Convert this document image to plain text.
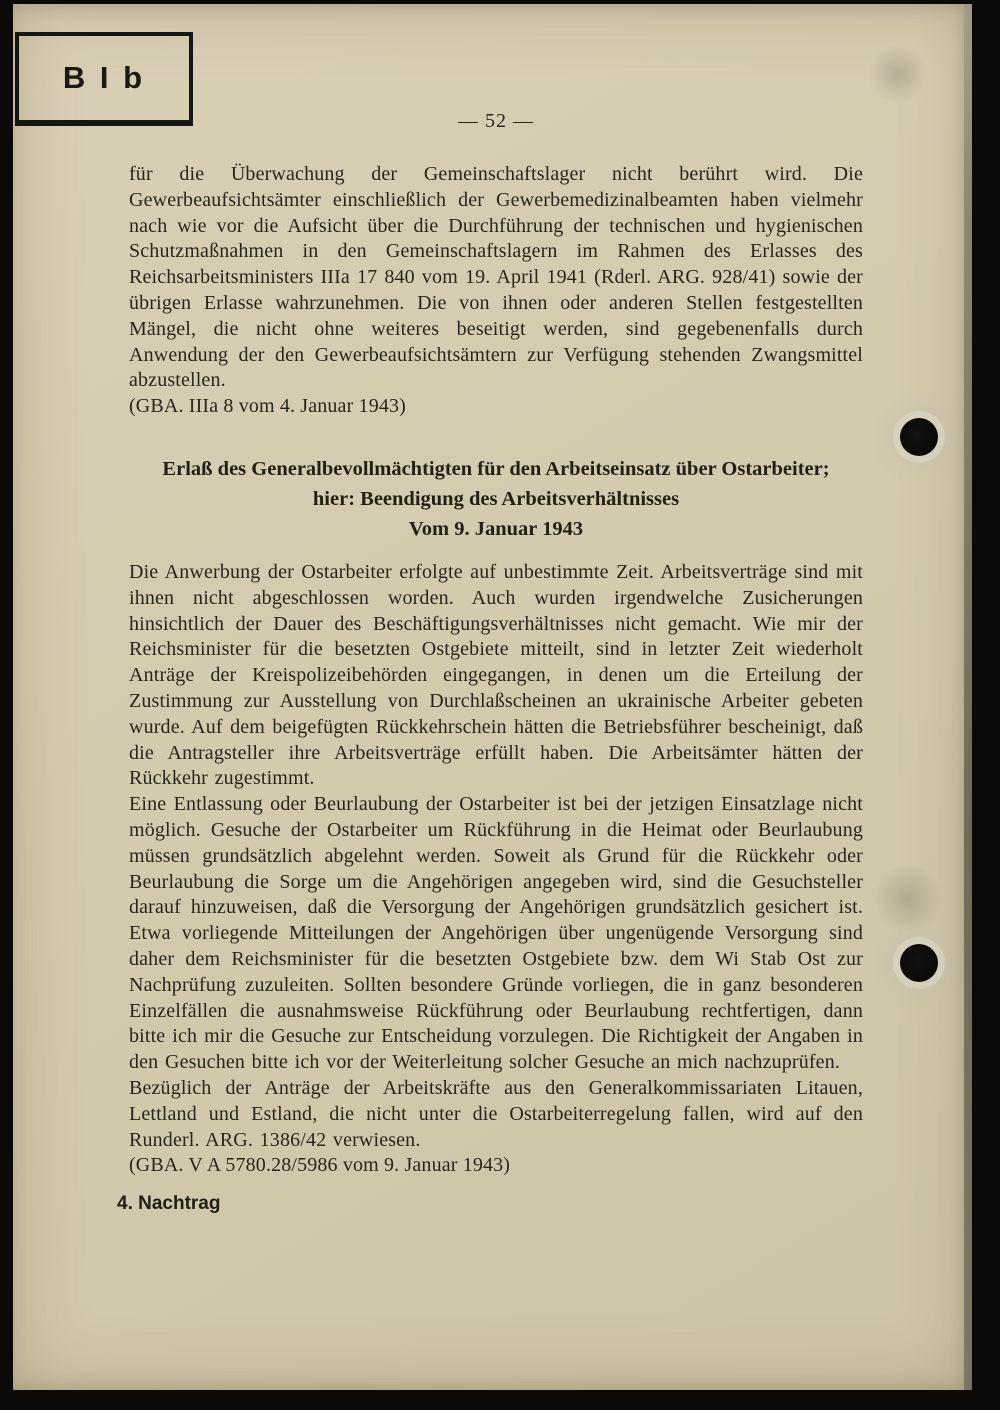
B I b
— 52 —

für die Überwachung der Gemeinschaftslager nicht berührt wird. Die Gewerbeaufsichtsämter einschließlich der Gewerbemedizinalbeamten haben vielmehr nach wie vor die Aufsicht über die Durchführung der technischen und hygienischen Schutzmaßnahmen in den Gemeinschaftslagern im Rahmen des Erlasses des Reichsarbeitsministers IIIa 17 840 vom 19. April 1941 (Rderl. ARG. 928/41) sowie der übrigen Erlasse wahrzunehmen. Die von ihnen oder anderen Stellen festgestellten Mängel, die nicht ohne weiteres beseitigt werden, sind gegebenenfalls durch Anwendung der den Gewerbeaufsichtsämtern zur Verfügung stehenden Zwangsmittel abzustellen.

(GBA. IIIa 8 vom 4. Januar 1943)

Erlaß des Generalbevollmächtigten für den Arbeitseinsatz über Ostarbeiter;
hier: Beendigung des Arbeitsverhältnisses
Vom 9. Januar 1943

Die Anwerbung der Ostarbeiter erfolgte auf unbestimmte Zeit. Arbeitsverträge sind mit ihnen nicht abgeschlossen worden. Auch wurden irgendwelche Zusicherungen hinsichtlich der Dauer des Beschäftigungsverhältnisses nicht gemacht. Wie mir der Reichsminister für die besetzten Ostgebiete mitteilt, sind in letzter Zeit wiederholt Anträge der Kreispolizeibehörden eingegangen, in denen um die Erteilung der Zustimmung zur Ausstellung von Durchlaßscheinen an ukrainische Arbeiter gebeten wurde. Auf dem beigefügten Rückkehrschein hätten die Betriebsführer bescheinigt, daß die Antragsteller ihre Arbeitsverträge erfüllt haben. Die Arbeitsämter hätten der Rückkehr zugestimmt.

Eine Entlassung oder Beurlaubung der Ostarbeiter ist bei der jetzigen Einsatzlage nicht möglich. Gesuche der Ostarbeiter um Rückführung in die Heimat oder Beurlaubung müssen grundsätzlich abgelehnt werden. Soweit als Grund für die Rückkehr oder Beurlaubung die Sorge um die Angehörigen angegeben wird, sind die Gesuchsteller darauf hinzuweisen, daß die Versorgung der Angehörigen grundsätzlich gesichert ist. Etwa vorliegende Mitteilungen der Angehörigen über ungenügende Versorgung sind daher dem Reichsminister für die besetzten Ostgebiete bzw. dem Wi Stab Ost zur Nachprüfung zuzuleiten. Sollten besondere Gründe vorliegen, die in ganz besonderen Einzelfällen die ausnahmsweise Rückführung oder Beurlaubung rechtfertigen, dann bitte ich mir die Gesuche zur Entscheidung vorzulegen. Die Richtigkeit der Angaben in den Gesuchen bitte ich vor der Weiterleitung solcher Gesuche an mich nachzuprüfen.

Bezüglich der Anträge der Arbeitskräfte aus den Generalkommissariaten Litauen, Lettland und Estland, die nicht unter die Ostarbeiterregelung fallen, wird auf den Runderl. ARG. 1386/42 verwiesen.

(GBA. V A 5780.28/5986 vom 9. Januar 1943)

4. Nachtrag
